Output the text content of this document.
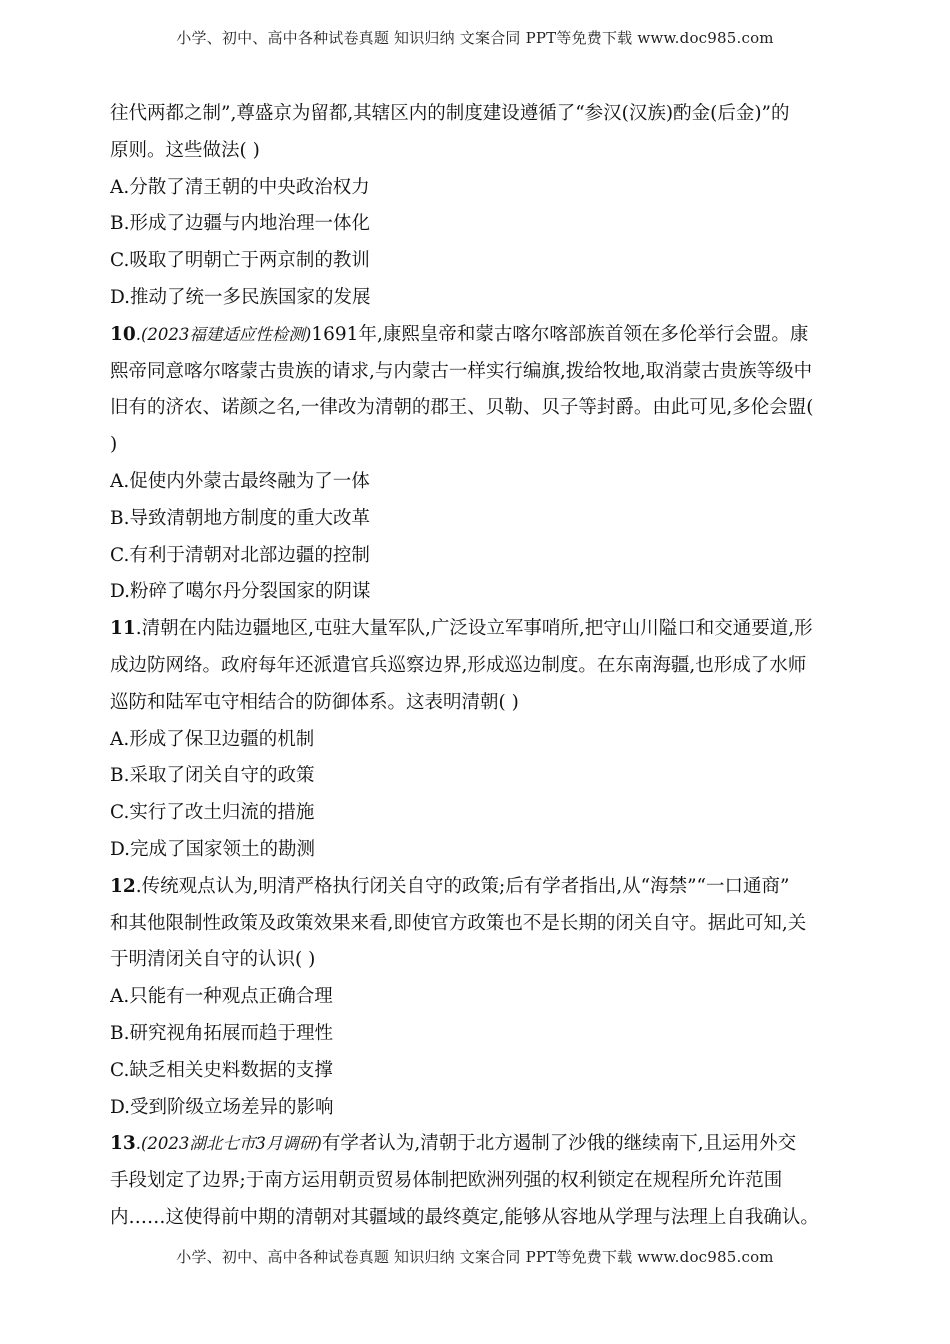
小学、初中、高中各种试卷真题 知识归纳 文案合同 PPT等免费下载 www.doc985.com
往代两都之制”,尊盛京为留都,其辖区内的制度建设遵循了“参汉(汉族)酌金(后金)”的
原则。这些做法( )
A.分散了清王朝的中央政治权力
B.形成了边疆与内地治理一体化
C.吸取了明朝亡于两京制的教训
D.推动了统一多民族国家的发展
10.(2023福建适应性检测)1691年,康熙皇帝和蒙古喀尔喀部族首领在多伦举行会盟。康
熙帝同意喀尔喀蒙古贵族的请求,与内蒙古一样实行编旗,拨给牧地,取消蒙古贵族等级中
旧有的济农、诺颜之名,一律改为清朝的郡王、贝勒、贝子等封爵。由此可见,多伦会盟(
)
A.促使内外蒙古最终融为了一体
B.导致清朝地方制度的重大改革
C.有利于清朝对北部边疆的控制
D.粉碎了噶尔丹分裂国家的阴谋
11.清朝在内陆边疆地区,屯驻大量军队,广泛设立军事哨所,把守山川隘口和交通要道,形
成边防网络。政府每年还派遣官兵巡察边界,形成巡边制度。在东南海疆,也形成了水师
巡防和陆军屯守相结合的防御体系。这表明清朝( )
A.形成了保卫边疆的机制
B.采取了闭关自守的政策
C.实行了改土归流的措施
D.完成了国家领土的勘测
12.传统观点认为,明清严格执行闭关自守的政策;后有学者指出,从“海禁”“一口通商”
和其他限制性政策及政策效果来看,即使官方政策也不是长期的闭关自守。据此可知,关
于明清闭关自守的认识( )
A.只能有一种观点正确合理
B.研究视角拓展而趋于理性
C.缺乏相关史料数据的支撑
D.受到阶级立场差异的影响
13.(2023湖北七市3月调研)有学者认为,清朝于北方遏制了沙俄的继续南下,且运用外交
手段划定了边界;于南方运用朝贡贸易体制把欧洲列强的权利锁定在规程所允许范围
内……这使得前中期的清朝对其疆域的最终奠定,能够从容地从学理与法理上自我确认。
小学、初中、高中各种试卷真题 知识归纳 文案合同 PPT等免费下载 www.doc985.com
